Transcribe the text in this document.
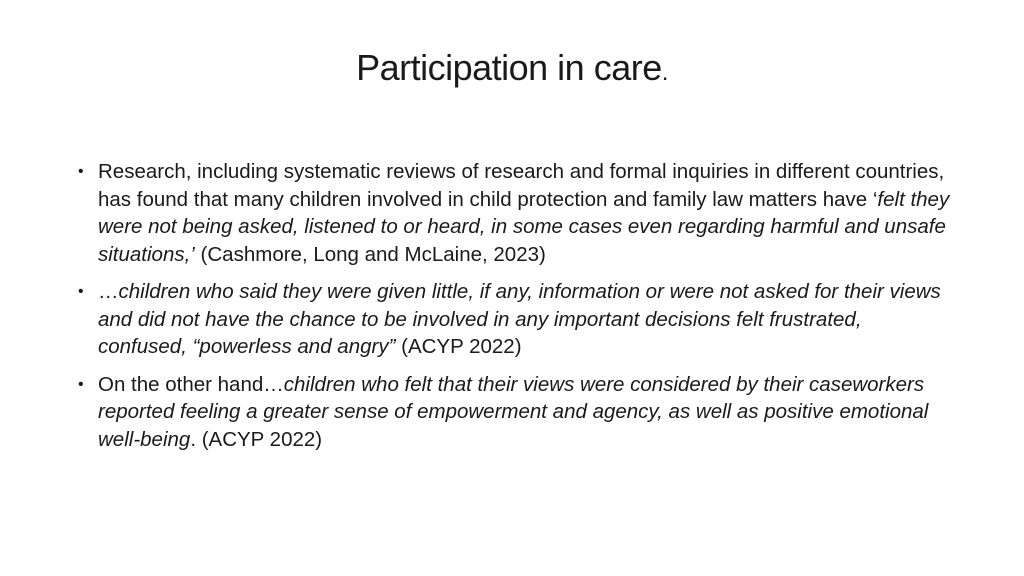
Participation in care.
• Research, including systematic reviews of research and formal inquiries in different countries, has found that many children involved in child protection and family law matters have ‘felt they were not being asked, listened to or heard, in some cases even regarding harmful and unsafe situations,’ (Cashmore, Long and McLaine, 2023)
• …children who said they were given little, if any, information or were not asked for their views and did not have the chance to be involved in any important decisions felt frustrated, confused, “powerless and angry” (ACYP 2022)
• On the other hand…children who felt that their views were considered by their caseworkers reported feeling a greater sense of empowerment and agency, as well as positive emotional well-being. (ACYP 2022)
